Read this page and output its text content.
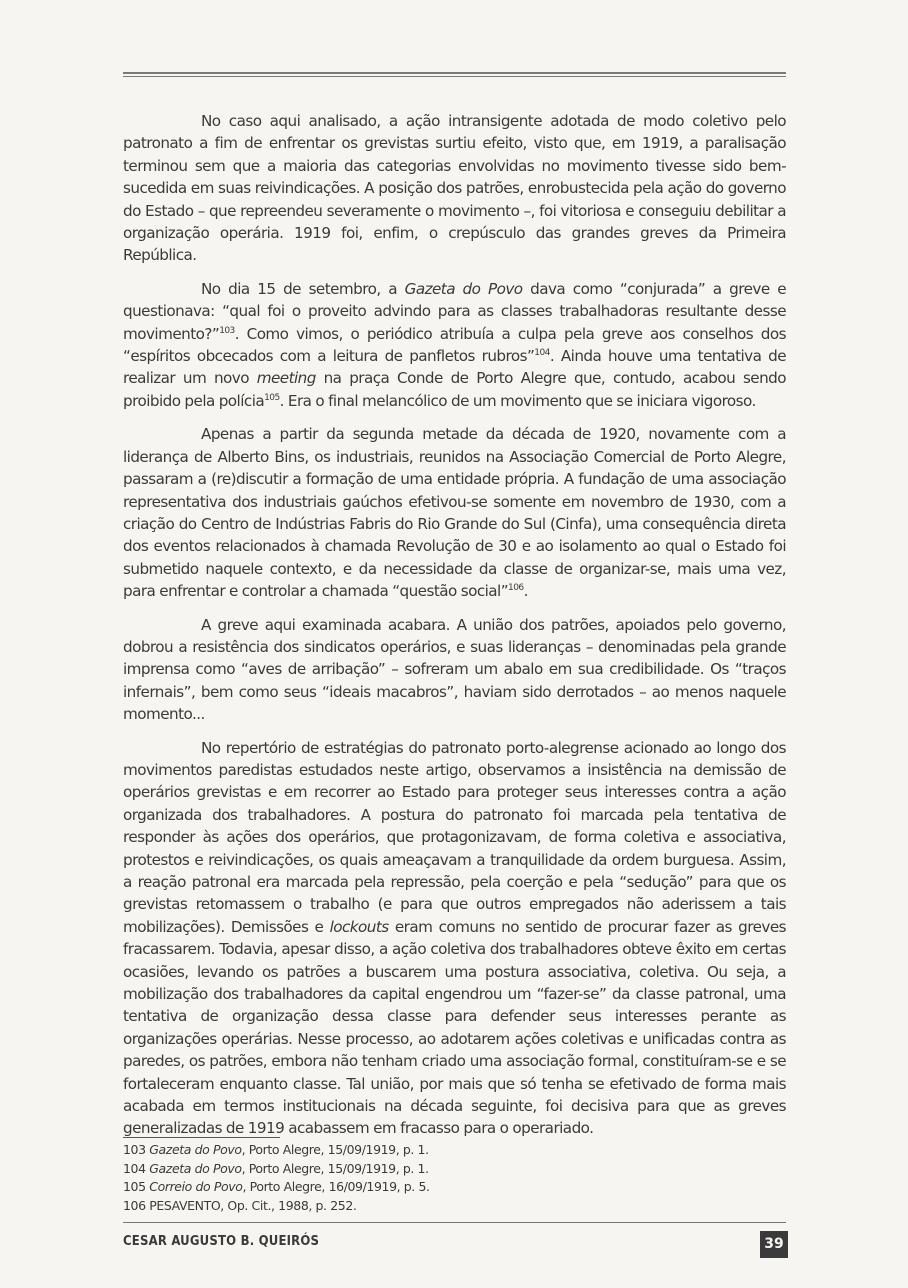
No caso aqui analisado, a ação intransigente adotada de modo coletivo pelo patronato a fim de enfrentar os grevistas surtiu efeito, visto que, em 1919, a paralisação terminou sem que a maioria das categorias envolvidas no movimento tivesse sido bem-sucedida em suas reivindicações. A posição dos patrões, enrobustecida pela ação do governo do Estado – que repreendeu severamente o movimento –, foi vitoriosa e conseguiu debilitar a organização operária. 1919 foi, enfim, o crepúsculo das grandes greves da Primeira República.

No dia 15 de setembro, a Gazeta do Povo dava como “conjurada” a greve e questionava: “qual foi o proveito advindo para as classes trabalhadoras resultante desse movimento?”$^{103}$. Como vimos, o periódico atribuía a culpa pela greve aos conselhos dos “espíritos obcecados com a leitura de panfletos rubros”$^{104}$. Ainda houve uma tentativa de realizar um novo meeting na praça Conde de Porto Alegre que, contudo, acabou sendo proibido pela polícia$^{105}$. Era o final melancólico de um movimento que se iniciara vigoroso.

Apenas a partir da segunda metade da década de 1920, novamente com a liderança de Alberto Bins, os industriais, reunidos na Associação Comercial de Porto Alegre, passaram a (re)discutir a formação de uma entidade própria. A fundação de uma associação representativa dos industriais gaúchos efetivou-se somente em novembro de 1930, com a criação do Centro de Indústrias Fabris do Rio Grande do Sul (Cinfa), uma consequência direta dos eventos relacionados à chamada Revolução de 30 e ao isolamento ao qual o Estado foi submetido naquele contexto, e da necessidade da classe de organizar-se, mais uma vez, para enfrentar e controlar a chamada “questão social”$^{106}$.

A greve aqui examinada acabara. A união dos patrões, apoiados pelo governo, dobrou a resistência dos sindicatos operários, e suas lideranças – denominadas pela grande imprensa como “aves de arribação” – sofreram um abalo em sua credibilidade. Os “traços infernais”, bem como seus “ideais macabros”, haviam sido derrotados – ao menos naquele momento...

No repertório de estratégias do patronato porto-alegrense acionado ao longo dos movimentos paredistas estudados neste artigo, observamos a insistência na demissão de operários grevistas e em recorrer ao Estado para proteger seus interesses contra a ação organizada dos trabalhadores. A postura do patronato foi marcada pela tentativa de responder às ações dos operários, que protagonizavam, de forma coletiva e associativa, protestos e reivindicações, os quais ameaçavam a tranquilidade da ordem burguesa. Assim, a reação patronal era marcada pela repressão, pela coerção e pela “sedução” para que os grevistas retomassem o trabalho (e para que outros empregados não aderissem a tais mobilizações). Demissões e lockouts eram comuns no sentido de procurar fazer as greves fracassarem. Todavia, apesar disso, a ação coletiva dos trabalhadores obteve êxito em certas ocasiões, levando os patrões a buscarem uma postura associativa, coletiva. Ou seja, a mobilização dos trabalhadores da capital engendrou um “fazer-se” da classe patronal, uma tentativa de organização dessa classe para defender seus interesses perante as organizações operárias. Nesse processo, ao adotarem ações coletivas e unificadas contra as paredes, os patrões, embora não tenham criado uma associação formal, constituíram-se e se fortaleceram enquanto classe. Tal união, por mais que só tenha se efetivado de forma mais acabada em termos institucionais na década seguinte, foi decisiva para que as greves generalizadas de 1919 acabassem em fracasso para o operariado.

103 Gazeta do Povo, Porto Alegre, 15/09/1919, p. 1.
104 Gazeta do Povo, Porto Alegre, 15/09/1919, p. 1.
105 Correio do Povo, Porto Alegre, 16/09/1919, p. 5.
106 PESAVENTO, Op. Cit., 1988, p. 252.
CESAR AUGUSTO B. QUEIRÓS	39
